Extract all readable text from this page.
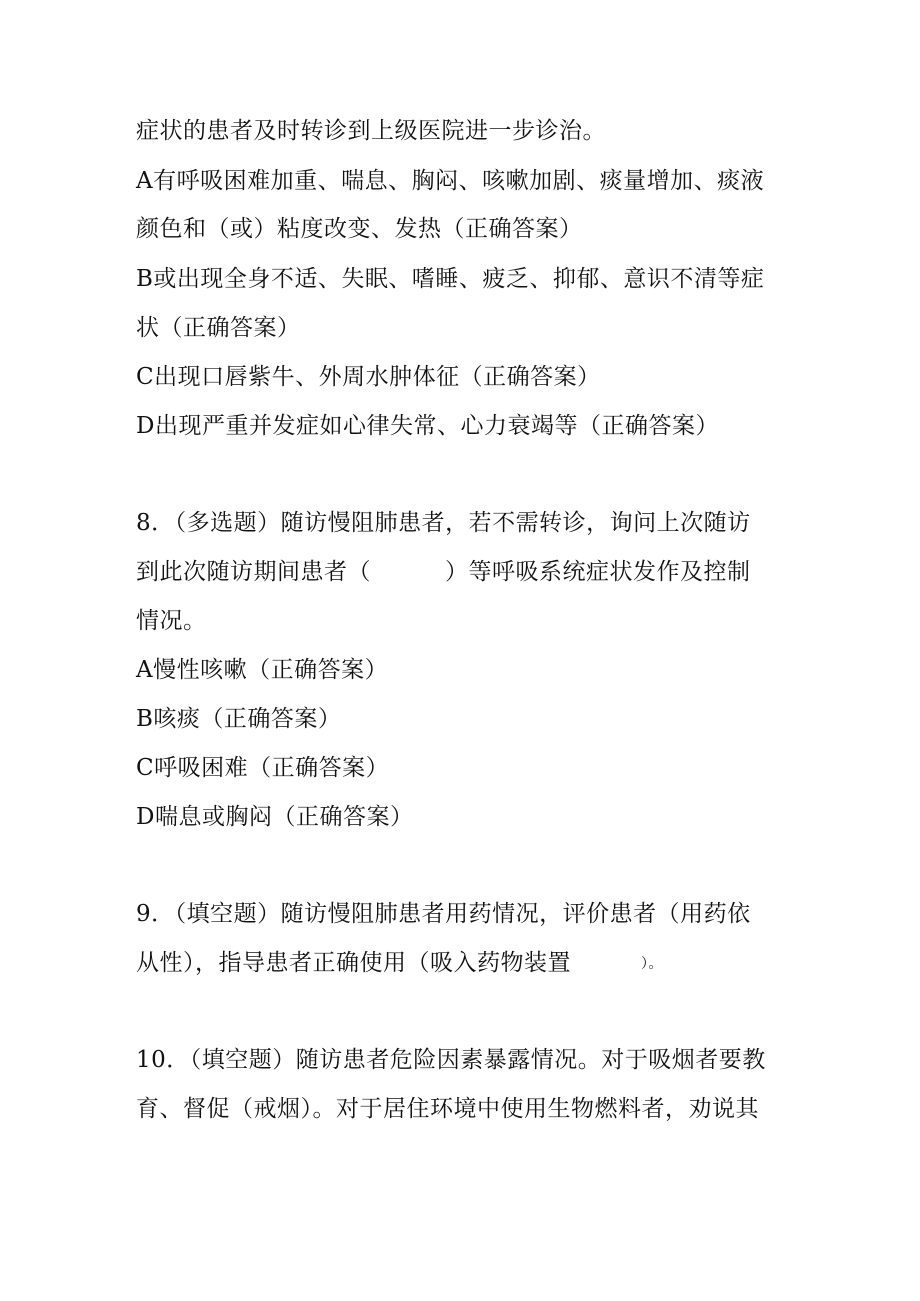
症状的患者及时转诊到上级医院进一步诊治。
A有呼吸困难加重、喘息、胸闷、咳嗽加剧、痰量增加、痰液
颜色和（或）粘度改变、发热（正确答案）
B或出现全身不适、失眠、嗜睡、疲乏、抑郁、意识不清等症
状（正确答案）
C出现口唇紫牛、外周水肿体征（正确答案）
D出现严重并发症如心律失常、心力衰竭等（正确答案）
8．（多选题）随访慢阻肺患者，若不需转诊，询问上次随访
到此次随访期间患者（	）等呼吸系统症状发作及控制
情况。
A慢性咳嗽（正确答案）
B咳痰（正确答案）
C呼吸困难（正确答案）
D喘息或胸闷（正确答案）
9．（填空题）随访慢阻肺患者用药情况，评价患者（用药依
从性），指导患者正确使用（吸入药物装置	）。
10．（填空题）随访患者危险因素暴露情况。对于吸烟者要教
育、督促（戒烟）。对于居住环境中使用生物燃料者，劝说其
